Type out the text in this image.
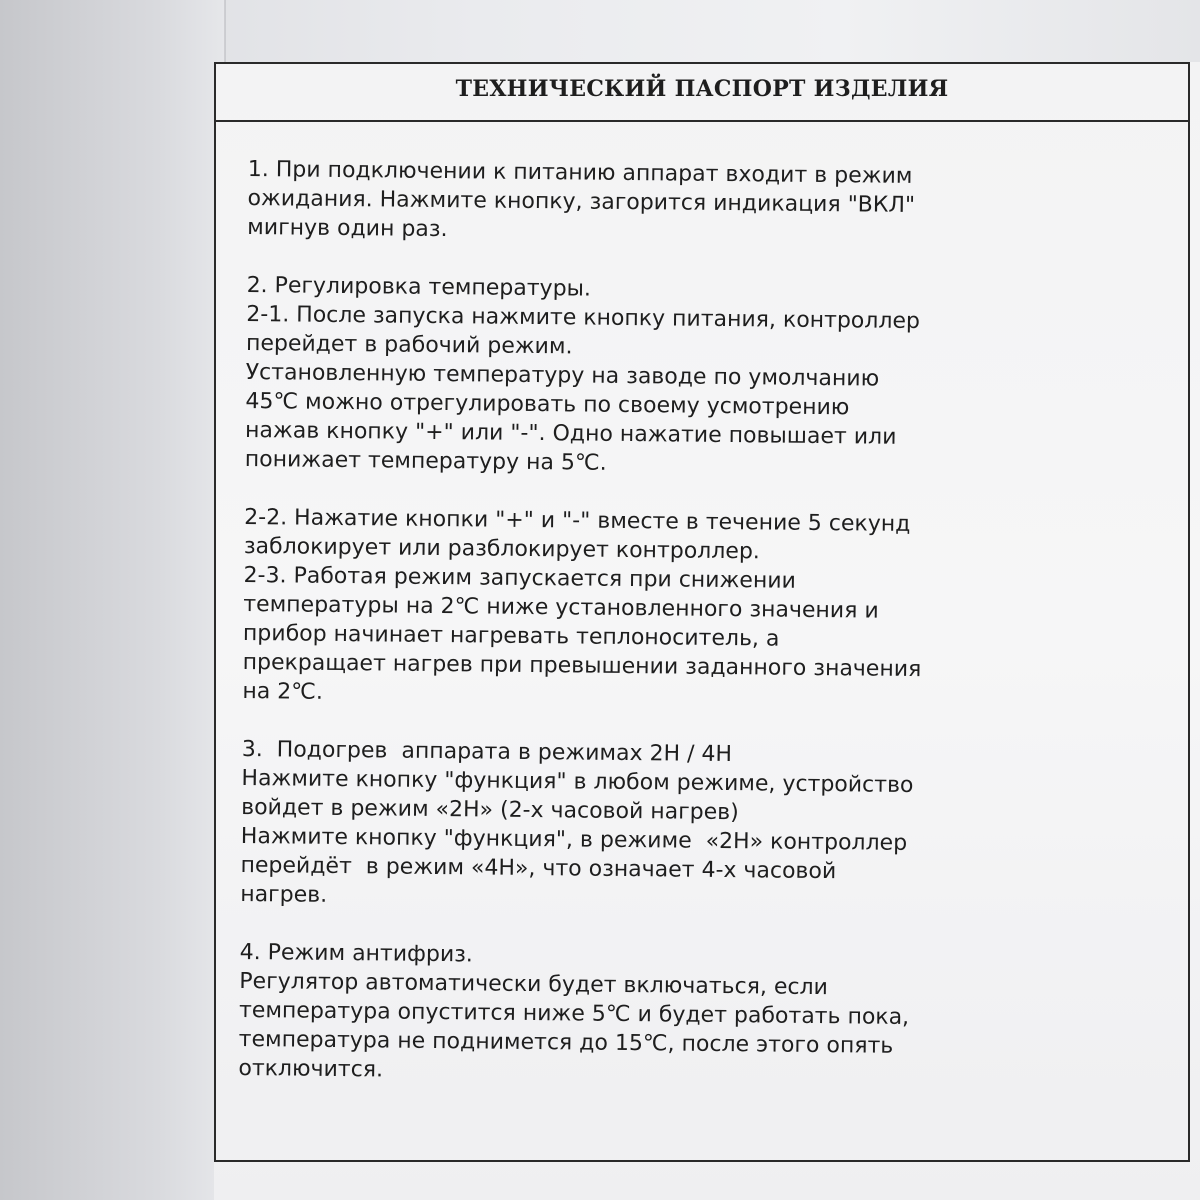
ТЕХНИЧЕСКИЙ ПАСПОРТ ИЗДЕЛИЯ
1. При подключении к питанию аппарат входит в режим
ожидания. Нажмите кнопку, загорится индикация "ВКЛ"
мигнув один раз.
2. Регулировка температуры.
2-1. После запуска нажмите кнопку питания, контроллер
перейдет в рабочий режим.
Установленную температуру на заводе по умолчанию
45℃ можно отрегулировать по своему усмотрению
нажав кнопку "+" или "-". Одно нажатие повышает или
понижает температуру на 5℃.
2-2. Нажатие кнопки "+" и "-" вместе в течение 5 секунд
заблокирует или разблокирует контроллер.
2-3. Работая режим запускается при снижении
температуры на 2℃ ниже установленного значения и
прибор начинает нагревать теплоноситель, а
прекращает нагрев при превышении заданного значения
на 2℃.
3.  Подогрев  аппарата в режимах 2H / 4H
Нажмите кнопку "функция" в любом режиме, устройство
войдет в режим «2H» (2-х часовой нагрев)
Нажмите кнопку "функция", в режиме  «2H» контроллер
перейдёт  в режим «4H», что означает 4-х часовой
нагрев.
4. Режим антифриз.
Регулятор автоматически будет включаться, если
температура опустится ниже 5℃ и будет работать пока,
температура не поднимется до 15℃, после этого опять
отключится.
